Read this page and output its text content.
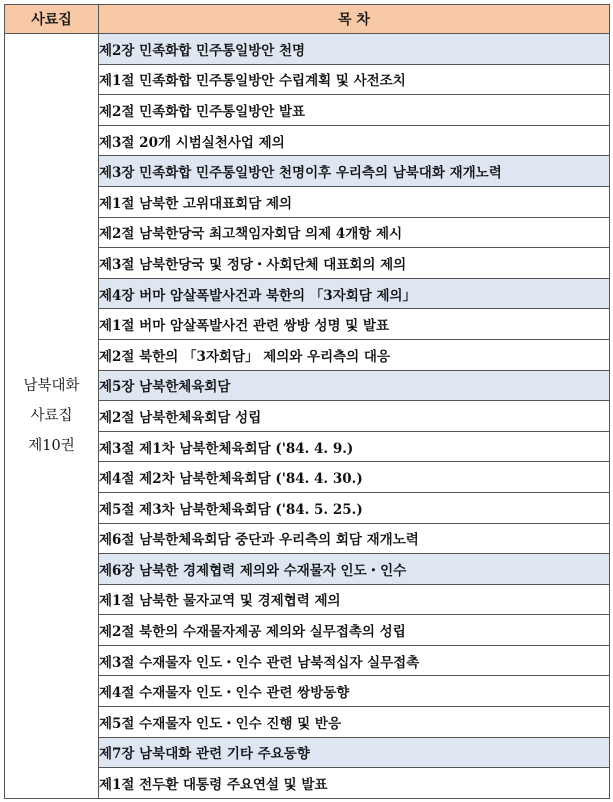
사료집	목 차

남북대화
사료집
제10권	제2장 민족화합 민주통일방안 천명
	제1절 민족화합 민주통일방안 수립계획 및 사전조치
	제2절 민족화합 민주통일방안 발표
	제3절 20개 시범실천사업 제의
	제3장 민족화합 민주통일방안 천명이후 우리측의 남북대화 재개노력
	제1절 남북한 고위대표회담 제의
	제2절 남북한당국 최고책임자회담 의제 4개항 제시
	제3절 남북한당국 및 정당・사회단체 대표회의 제의
	제4장 버마 암살폭발사건과 북한의 「3자회담 제의」
	제1절 버마 암살폭발사건 관련 쌍방 성명 및 발표
	제2절 북한의 「3자회담」 제의와 우리측의 대응
	제5장 남북한체육회담
	제2절 남북한체육회담 성립
	제3절 제1차 남북한체육회담 ('84. 4. 9.)
	제4절 제2차 남북한체육회담 ('84. 4. 30.)
	제5절 제3차 남북한체육회담 ('84. 5. 25.)
	제6절 남북한체육회담 중단과 우리측의 회담 재개노력
	제6장 남북한 경제협력 제의와 수재물자 인도・인수
	제1절 남북한 물자교역 및 경제협력 제의
	제2절 북한의 수재물자제공 제의와 실무접촉의 성립
	제3절 수재물자 인도・인수 관련 남북적십자 실무접촉
	제4절 수재물자 인도・인수 관련 쌍방동향
	제5절 수재물자 인도・인수 진행 및 반응
	제7장 남북대화 관련 기타 주요동향
	제1절 전두환 대통령 주요연설 및 발표
